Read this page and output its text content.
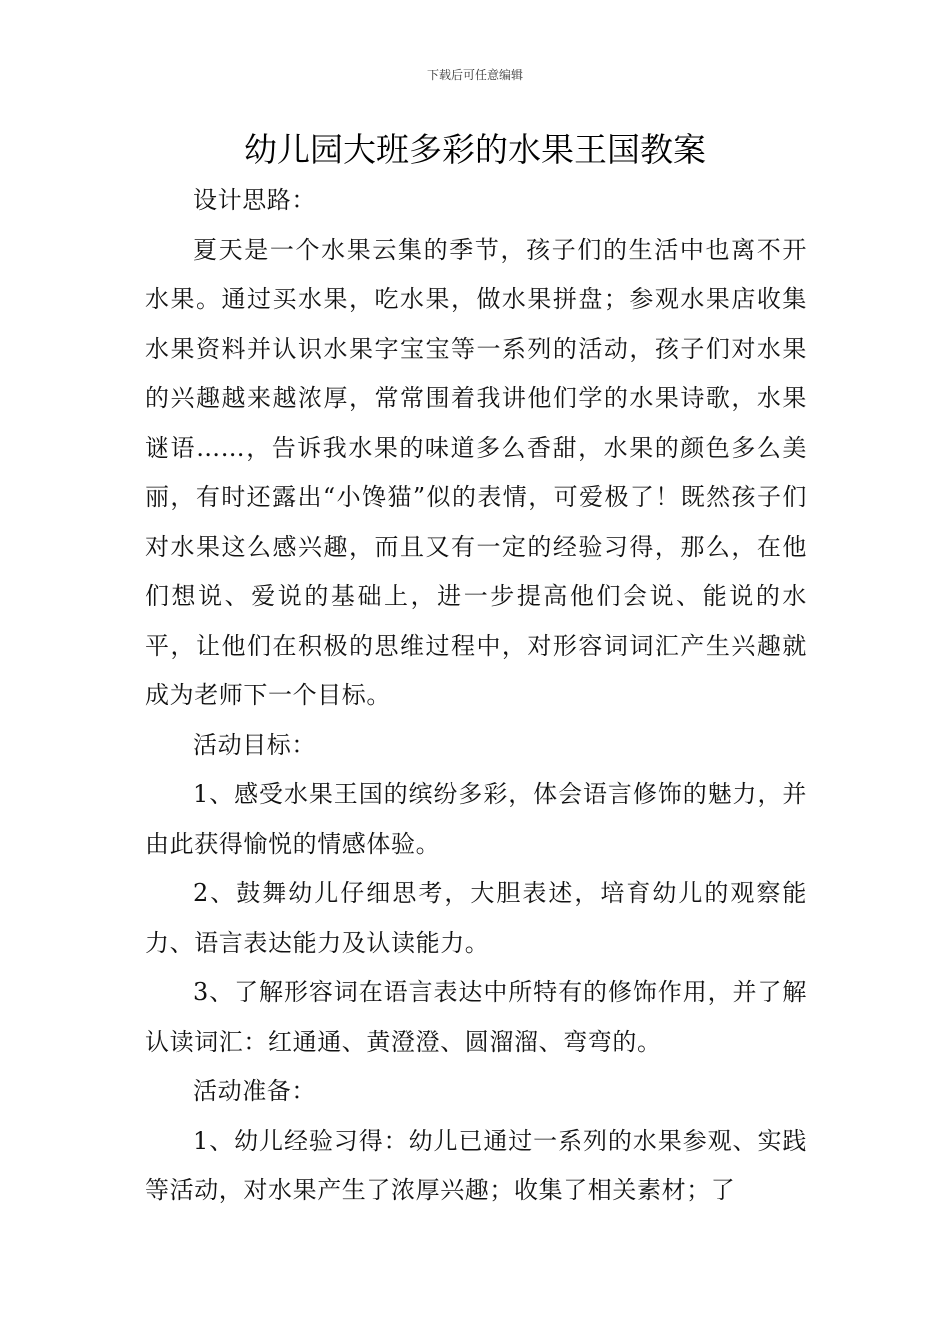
下载后可任意编辑
幼儿园大班多彩的水果王国教案

设计思路：

夏天是一个水果云集的季节，孩子们的生活中也离不开水果。通过买水果，吃水果，做水果拼盘；参观水果店收集水果资料并认识水果字宝宝等一系列的活动，孩子们对水果的兴趣越来越浓厚，常常围着我讲他们学的水果诗歌，水果谜语……，告诉我水果的味道多么香甜，水果的颜色多么美丽，有时还露出“小馋猫”似的表情，可爱极了！既然孩子们对水果这么感兴趣，而且又有一定的经验习得，那么，在他们想说、爱说的基础上，进一步提高他们会说、能说的水平，让他们在积极的思维过程中，对形容词词汇产生兴趣就成为老师下一个目标。

活动目标：

1、感受水果王国的缤纷多彩，体会语言修饰的魅力，并由此获得愉悦的情感体验。

2、鼓舞幼儿仔细思考，大胆表述，培育幼儿的观察能力、语言表达能力及认读能力。

3、了解形容词在语言表达中所特有的修饰作用，并了解认读词汇：红通通、黄澄澄、圆溜溜、弯弯的。

活动准备：

1、幼儿经验习得：幼儿已通过一系列的水果参观、实践等活动，对水果产生了浓厚兴趣；收集了相关素材；了
